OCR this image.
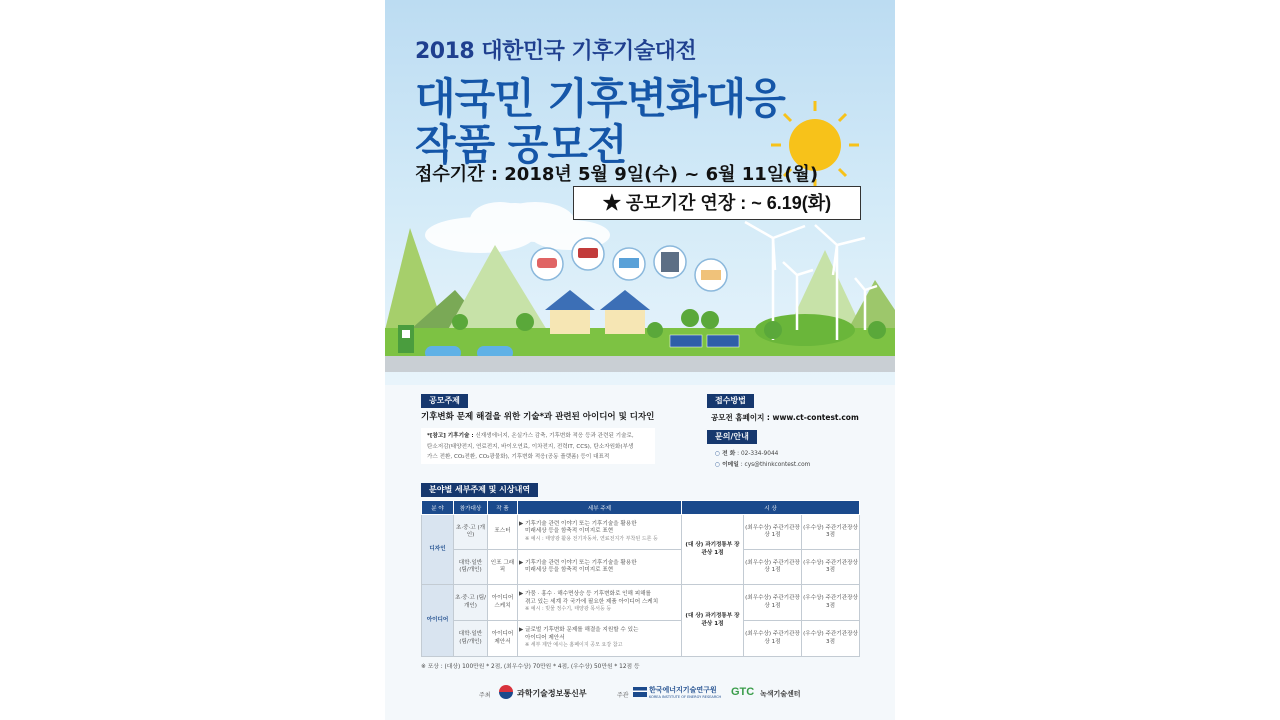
2018 대한민국 기후기술대전
대국민 기후변화대응
작품 공모전
접수기간 : 2018년 5월 9일(수) ~ 6월 11일(월)
★ 공모기간 연장 : ~ 6.19(화)
공모주제
기후변화 문제 해결을 위한 기술*과 관련된 아이디어 및 디자인
*[참고] 기후기술 : 신재생에너지, 온실가스 감축, 기후변화 적응 등과 관련된 기술로,
탄소저감(태양전지, 연료전지, 바이오연료, 이차전지, 전력IT, CCS), 탄소자원화(부생
가스 전환, CO₂전환, CO₂광물화), 기후변화 적응(공동 플랫폼) 등이 대표적
접수방법
공모전 홈페이지 : www.ct-contest.com
문의/안내
○ 전 화 : 02-334-9044
○ 이메일 : cys@thinkcontest.com
분야별 세부주제 및 시상내역
분 야	참가대상	작 품	세부 주제	시 상		
디자인	초·중·고 (개인)	포스터	▶ 기후기술 관련 이야기 또는 기후기술을 활용한
미래세상 등을 함축적 이미지로 표현
※ 예시 : 태양광 활용 전기자동차, 연료전지가 부착된 드론 등	(대 상) 과기정통부 장관상 1점	(최우수상) 주관기관장상 1점	(우수상) 주관기관장상 3점
	대학·일반 (팀/개인)	인포 그래픽	▶ 기후기술 관련 이야기 또는 기후기술을 활용한
미래세상 등을 함축적 이미지로 표현		(최우수상) 주관기관장상 1점	(우수상) 주관기관장상 3점
아이디어	초·중·고 (팀/개인)	아이디어 스케치	▶ 가뭄 · 홍수 · 해수면상승 등 기후변화로 인해 피해를
겪고 있는 세계 각 국가에 필요한 제품 아이디어 스케치
※ 예시 : 빗물 정수기, 태양광 목서등 등	(대 상) 과기정통부 장관상 1점	(최우수상) 주관기관장상 1점	(우수상) 주관기관장상 3점
	대학·일반 (팀/개인)	아이디어 제안서	▶ 글로벌 기후변화 문제를 해결을 지원할 수 있는
아이디어 제안서
※ 세부 제안 예시는 홈페이지 공모 요강 참고		(최우수상) 주관기관장상 1점	(우수상) 주관기관장상 3점
※ 포상 : (대상) 100만원 * 2점, (최우수상) 70만원 * 4점, (우수상) 50만원 * 12점 등
주최	과학기술정보통신부	주관
한국에너지기술연구원
KOREA INSTITUTE OF ENERGY RESEARCH GTC 녹색기술센터
